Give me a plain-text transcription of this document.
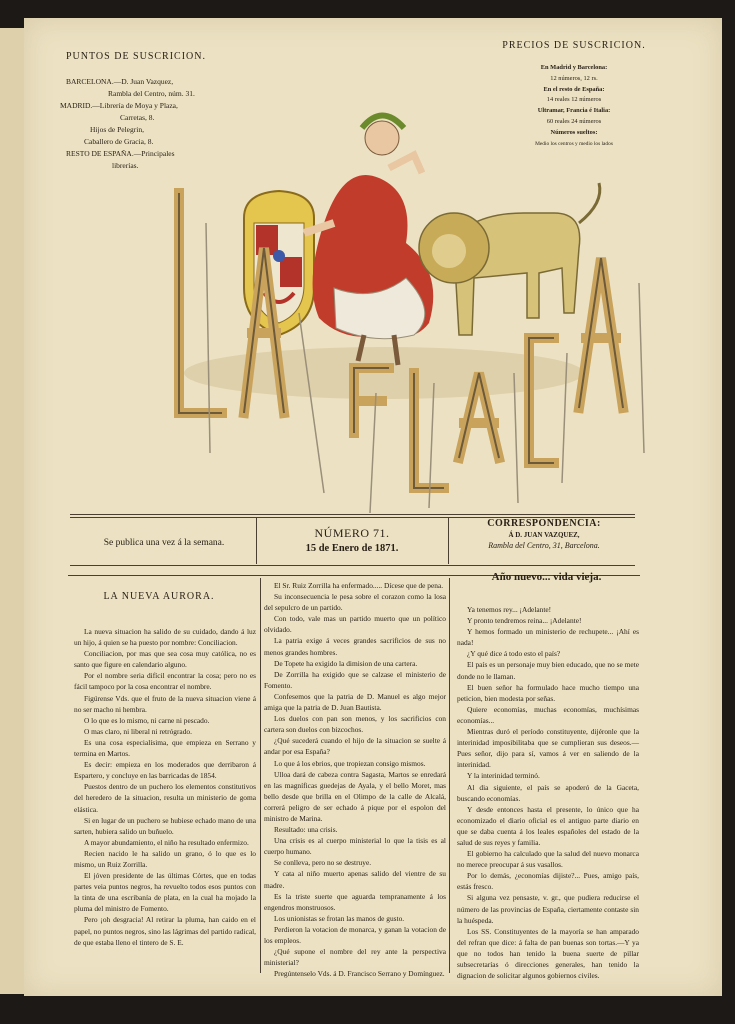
PUNTOS DE SUSCRICION.
BARCELONA.—D. Juan Vazquez,
Rambla del Centro, núm. 31.
MADRID.—Librería de Moya y Plaza,
Carretas, 8.
Hijos de Pelegrin,
Caballero de Gracia, 8.
RESTO DE ESPAÑA.—Principales
librerías.
PRECIOS DE SUSCRICION.
En Madrid y Barcelona:
12 números, 12 rs.
En el resto de España:
14 reales 12 números
Ultramar, Francia é Italia:
60 reales 24 números
Números sueltos:
Medio los centros y medio los lados
Se publica una vez á la semana.
NÚMERO 71.
15 de Enero de 1871.
CORRESPONDENCIA:
Á D. JUAN VAZQUEZ,
Rambla del Centro, 31, Barcelona.
LA NUEVA AURORA.

La nueva situacion ha salido de su cuidado, dando á luz un hijo, á quien se ha puesto por nombre: Conciliacion.

Conciliacion, por mas que sea cosa muy católica, no es santo que figure en calendario alguno.

Por el nombre seria difícil encontrar la cosa; pero no es fácil tampoco por la cosa encontrar el nombre.

Figúrense Vds. que el fruto de la nueva situacion viene á no ser macho ni hembra.

O lo que es lo mismo, ni carne ni pescado.

O mas claro, ni liberal ni retrógrado.

Es una cosa especialísima, que empieza en Serrano y termina en Martos.

Es decir: empieza en los moderados que derribaron á Espartero, y concluye en las barricadas de 1854.

Puestos dentro de un puchero los elementos constitutivos del heredero de la situacion, resulta un ministerio de goma elástica.

Si en lugar de un puchero se hubiese echado mano de una sarten, hubiera salido un buñuelo.

A mayor abundamiento, el niño ha resultado enfermizo.

Recien nacido le ha salido un grano, ó lo que es lo mismo, un Ruiz Zorrilla.

El jóven presidente de las últimas Córtes, que en todas partes veia puntos negros, ha revuelto todos esos puntos con la tinta de una escribanía de plata, en la cual ha mojado la pluma del ministro de Fomento.

Pero ¡oh desgracia! Al retirar la pluma, han caido en el papel, no puntos negros, sino las lágrimas del partido radical, de que estaba lleno el tintero de S. E.

El Sr. Ruiz Zorrilla ha enfermado..... Dícese que de pena.

Su inconsecuencia le pesa sobre el corazon como la losa del sepulcro de un partido.

Con todo, vale mas un partido muerto que un político olvidado.

La patria exige á veces grandes sacrificios de sus no menos grandes hombres.

De Topete ha exigido la dimision de una cartera.

De Zorrilla ha exigido que se calzase el ministerio de Fomento.

Confesemos que la patria de D. Manuel es algo mejor amiga que la patria de D. Juan Bautista.

Los duelos con pan son menos, y los sacrificios con cartera son duelos con bizcochos.

¿Qué sucederá cuando el hijo de la situacion se suelte á andar por esa España?

Lo que á los ebrios, que tropiezan consigo mismos.

Ulloa dará de cabeza contra Sagasta, Martos se enredará en las magníficas guedejas de Ayala, y el bello Moret, mas bello desde que brilla en el Olimpo de la calle de Alcalá, correrá peligro de ser echado á pique por el espolon del ministro de Marina.

Resultado: una crisis.

Una crisis es al cuerpo ministerial lo que la tisis es al cuerpo humano.

Se conlleva, pero no se destruye.

Y cata al niño muerto apenas salido del vientre de su madre.

Es la triste suerte que aguarda tempranamente á los engendros monstruosos.

Los unionistas se frotan las manos de gusto.

Perdieron la votacion de monarca, y ganan la votacion de los empleos.

¿Qué supone el nombre del rey ante la perspectiva ministerial?

Pregúntenselo Vds. á D. Francisco Serrano y Domínguez.

Año nuevo... vida vieja.

Ya tenemos rey... ¡Adelante!

Y pronto tendremos reina... ¡Adelante!

Y hemos formado un ministerio de rechupete... ¡Ahí es nada!

¿Y qué dice á todo esto el país?

El país es un personaje muy bien educado, que no se mete donde no le llaman.

El buen señor ha formulado hace mucho tiempo una peticion, bien modesta por señas.

Quiere economías, muchas economías, muchísimas economías...

Mientras duró el período constituyente, dijéronle que la interinidad imposibilitaba que se cumplieran sus deseos.—Pues señor, dijo para sí, vamos á ver en saliendo de la interinidad.

Y la interinidad terminó.

Al dia siguiente, el país se apoderó de la Gaceta, buscando economías.

Y desde entonces hasta el presente, lo único que ha economizado el diario oficial es el antiguo parte diario en que se daba cuenta á los leales españoles del estado de la salud de sus reyes y familia.

El gobierno ha calculado que la salud del nuevo monarca no merece preocupar á sus vasallos.

Por lo demás, ¿economías dijiste?... Pues, amigo país, estás fresco.

Si alguna vez pensaste, v. gr., que pudiera reducirse el número de las provincias de España, ciertamente contaste sin la huéspeda.

Los SS. Constituyentes de la mayoría se han amparado del refran que dice: á falta de pan buenas son tortas.—Y ya que no todos han tenido la buena suerte de pillar subsecretarías ó direcciones generales, han tenido la dignacion de solicitar algunos gobiernos civiles.
